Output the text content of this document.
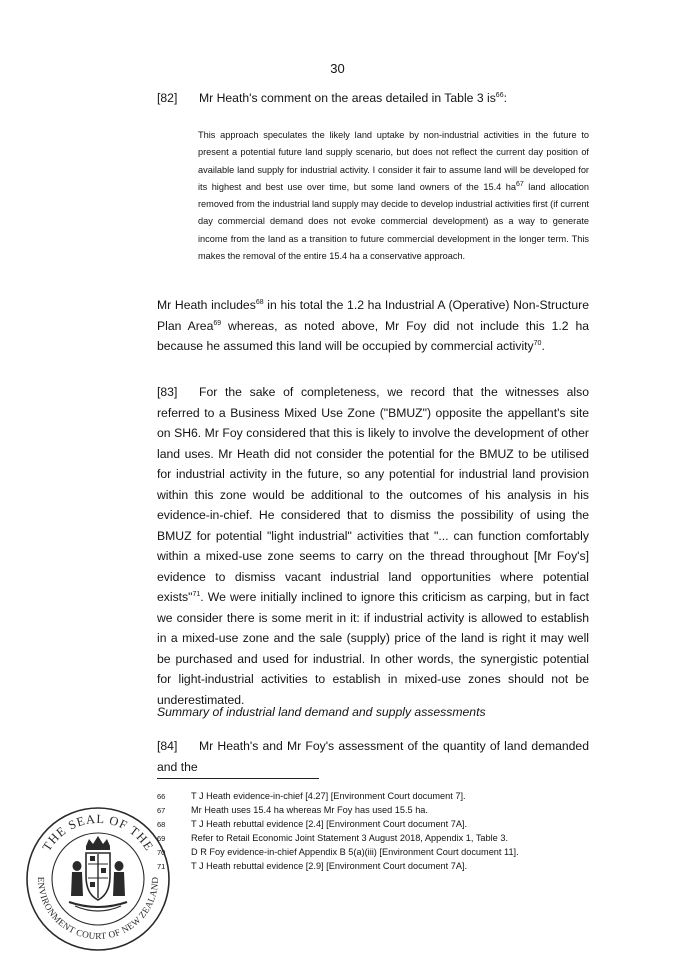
30
[82] Mr Heath's comment on the areas detailed in Table 3 $is^{66}$:
This approach speculates the likely land uptake by non-industrial activities in the future to present a potential future land supply scenario, but does not reflect the current day position of available land supply for industrial activity. I consider it fair to assume land will be developed for its highest and best use over time, but some land owners of the 15.4 $ha^{67}$ land allocation removed from the industrial land supply may decide to develop industrial activities first (if current day commercial demand does not evoke commercial development) as a way to generate income from the land as a transition to future commercial development in the longer term. This makes the removal of the entire 15.4 ha a conservative approach.
Mr Heath includes$^{68}$ in his total the 1.2 ha Industrial A (Operative) Non-Structure Plan Area$^{69}$ whereas, as noted above, Mr Foy did not include this 1.2 ha because he assumed this land will be occupied by commercial activity$^{70}$.
[83] For the sake of completeness, we record that the witnesses also referred to a Business Mixed Use Zone ("BMUZ") opposite the appellant's site on SH6. Mr Foy considered that this is likely to involve the development of other land uses. Mr Heath did not consider the potential for the BMUZ to be utilised for industrial activity in the future, so any potential for industrial land provision within this zone would be additional to the outcomes of his analysis in his evidence-in-chief. He considered that to dismiss the possibility of using the BMUZ for potential "light industrial" activities that "... can function comfortably within a mixed-use zone seems to carry on the thread throughout [Mr Foy's] evidence to dismiss vacant industrial land opportunities where potential exists"$^{71}$. We were initially inclined to ignore this criticism as carping, but in fact we consider there is some merit in it: if industrial activity is allowed to establish in a mixed-use zone and the sale (supply) price of the land is right it may well be purchased and used for industrial. In other words, the synergistic potential for light-industrial activities to establish in mixed-use zones should not be underestimated.
Summary of industrial land demand and supply assessments
[84] Mr Heath's and Mr Foy's assessment of the quantity of land demanded and the
66	T J Heath evidence-in-chief [4.27] [Environment Court document 7].
67	Mr Heath uses 15.4 ha whereas Mr Foy has used 15.5 ha.
68	T J Heath rebuttal evidence [2.4] [Environment Court document 7A].
69	Refer to Retail Economic Joint Statement 3 August 2018, Appendix 1, Table 3.
70	D R Foy evidence-in-chief Appendix B 5(a)(iii) [Environment Court document 11].
71	T J Heath rebuttal evidence [2.9] [Environment Court document 7A].
THE SEAL OF THE
ENVIRONMENT COURT OF NEW ZEALAND
